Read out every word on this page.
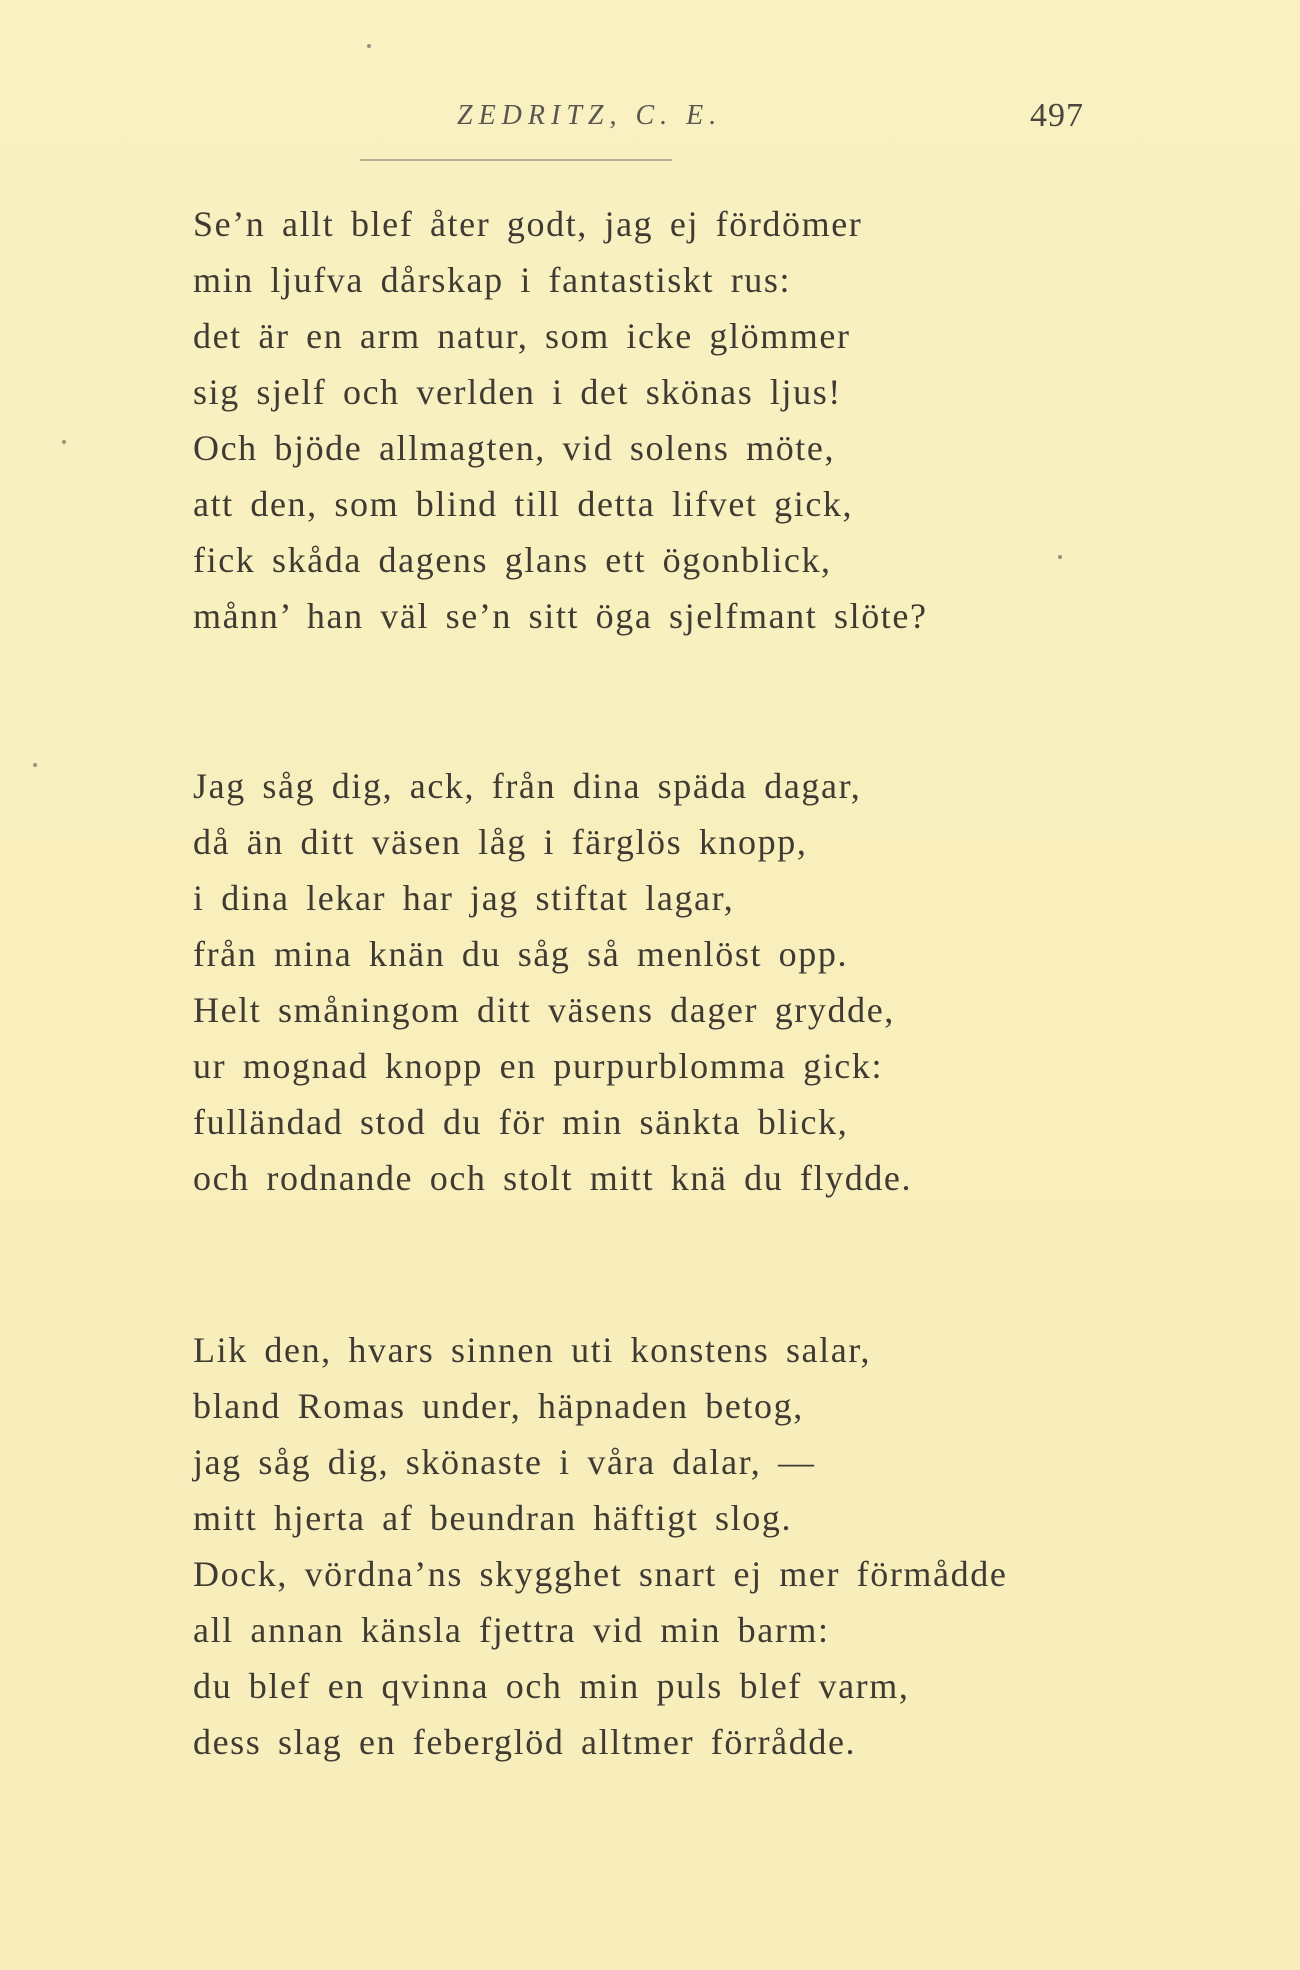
ZEDRITZ, C. E.	497
Se’n allt blef åter godt, jag ej fördömer
min ljufva dårskap i fantastiskt rus:
det är en arm natur, som icke glömmer
sig sjelf och verlden i det skönas ljus!
Och bjöde allmagten, vid solens möte,
att den, som blind till detta lifvet gick,
fick skåda dagens glans ett ögonblick,
månn’ han väl se’n sitt öga sjelfmant slöte?
Jag såg dig, ack, från dina späda dagar,
då än ditt väsen låg i färglös knopp,
i dina lekar har jag stiftat lagar,
från mina knän du såg så menlöst opp.
Helt småningom ditt väsens dager grydde,
ur mognad knopp en purpurblomma gick:
fulländad stod du för min sänkta blick,
och rodnande och stolt mitt knä du flydde.
Lik den, hvars sinnen uti konstens salar,
bland Romas under, häpnaden betog,
jag såg dig, skönaste i våra dalar, —
mitt hjerta af beundran häftigt slog.
Dock, vördna’ns skygghet snart ej mer förmådde
all annan känsla fjettra vid min barm:
du blef en qvinna och min puls blef varm,
dess slag en feberglöd alltmer förrådde.
